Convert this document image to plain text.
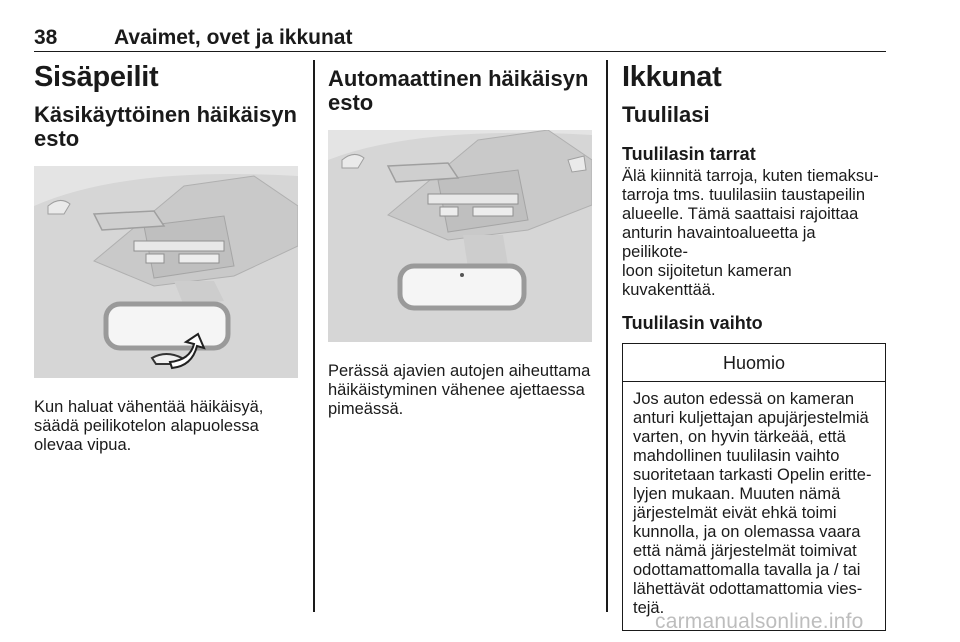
38	Avaimet, ovet ja ikkunat
Sisäpeilit
Käsikäyttöinen häikäisyn
esto

Kun haluat vähentää häikäisyä,
säädä peilikotelon alapuolessa
olevaa vipua.

Automaattinen häikäisyn
esto

Perässä ajavien autojen aiheuttama
häikäistyminen vähenee ajettaessa
pimeässä.

Ikkunat
Tuulilasi
Tuulilasin tarrat

Älä kiinnitä tarroja, kuten tiemaksu-
tarroja tms. tuulilasiin taustapeilin
alueelle. Tämä saattaisi rajoittaa
anturin havaintoalueetta ja peilikote-
loon sijoitetun kameran kuvakenttää.

Tuulilasin vaihto
Huomio
Jos auton edessä on kameran
anturi kuljettajan apujärjestelmiä
varten, on hyvin tärkeää, että
mahdollinen tuulilasin vaihto
suoritetaan tarkasti Opelin eritte-
lyjen mukaan. Muuten nämä
järjestelmät eivät ehkä toimi
kunnolla, ja on olemassa vaara
että nämä järjestelmät toimivat
odottamattomalla tavalla ja / tai
lähettävät odottamattomia vies-
tejä.
carmanualsonline.info
